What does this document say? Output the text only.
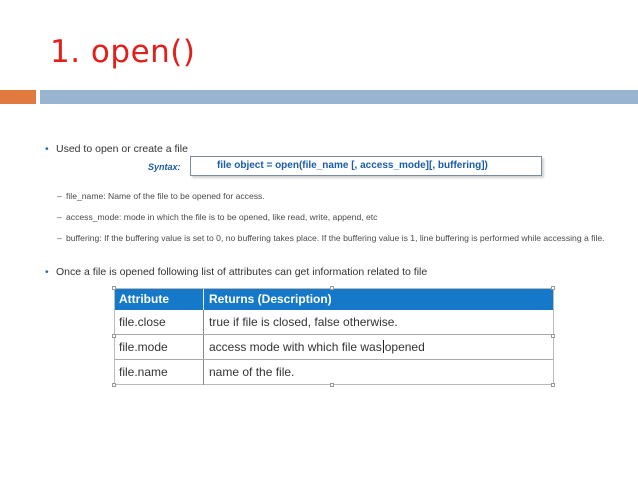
1. open()
• Used to open or create a file
Syntax:	file object = open(file_name [, access_mode][, buffering])
– file_name: Name of the file to be opened for access.
– access_mode: mode in which the file is to be opened, like read, write, append, etc
– buffering: If the buffering value is set to 0, no buffering takes place. If the buffering value is 1, line buffering is performed while accessing a file.
• Once a file is opened following list of attributes can get information related to file
Attribute	Returns (Description)
file.close	true if file is closed, false otherwise.
file.mode	access mode with which file was opened
file.name	name of the file.
